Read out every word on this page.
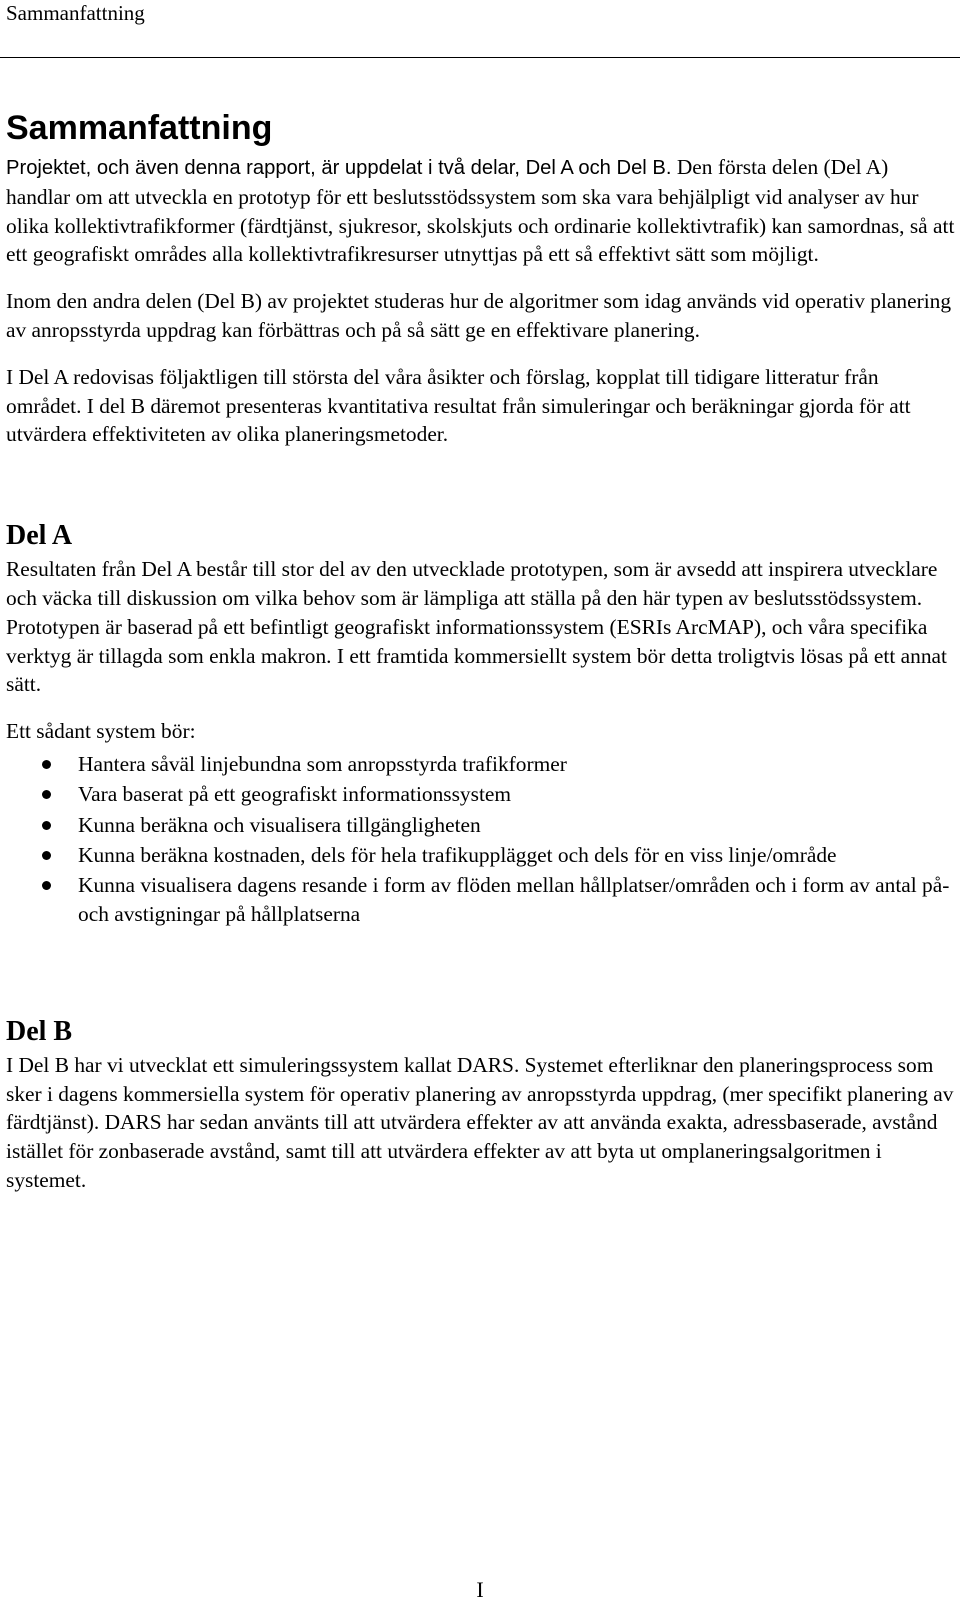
Sammanfattning
Sammanfattning

Projektet, och även denna rapport, är uppdelat i två delar, Del A och Del B. Den första delen (Del A) handlar om att utveckla en prototyp för ett beslutsstödssystem som ska vara behjälpligt vid analyser av hur olika kollektivtrafikformer (färdtjänst, sjukresor, skolskjuts och ordinarie kollektivtrafik) kan samordnas, så att ett geografiskt områdes alla kollektivtrafikresurser utnyttjas på ett så effektivt sätt som möjligt.

Inom den andra delen (Del B) av projektet studeras hur de algoritmer som idag används vid operativ planering av anropsstyrda uppdrag kan förbättras och på så sätt ge en effektivare planering.

I Del A redovisas följaktligen till största del våra åsikter och förslag, kopplat till tidigare litteratur från området. I del B däremot presenteras kvantitativa resultat från simuleringar och beräkningar gjorda för att utvärdera effektiviteten av olika planeringsmetoder.

Del A

Resultaten från Del A består till stor del av den utvecklade prototypen, som är avsedd att inspirera utvecklare och väcka till diskussion om vilka behov som är lämpliga att ställa på den här typen av beslutsstödssystem. Prototypen är baserad på ett befintligt geografiskt informationssystem (ESRIs ArcMAP), och våra specifika verktyg är tillagda som enkla makron. I ett framtida kommersiellt system bör detta troligtvis lösas på ett annat sätt.

Ett sådant system bör:

Hantera såväl linjebundna som anropsstyrda trafikformer
Vara baserat på ett geografiskt informationssystem
Kunna beräkna och visualisera tillgängligheten
Kunna beräkna kostnaden, dels för hela trafikupplägget och dels för en viss linje/område
Kunna visualisera dagens resande i form av flöden mellan hållplatser/områden och i form av antal på- och avstigningar på hållplatserna
Del B

I Del B har vi utvecklat ett simuleringssystem kallat DARS. Systemet efterliknar den planeringsprocess som sker i dagens kommersiella system för operativ planering av anropsstyrda uppdrag, (mer specifikt planering av färdtjänst). DARS har sedan använts till att utvärdera effekter av att använda exakta, adressbaserade, avstånd istället för zonbaserade avstånd, samt till att utvärdera effekter av att byta ut omplaneringsalgoritmen i systemet.

I
